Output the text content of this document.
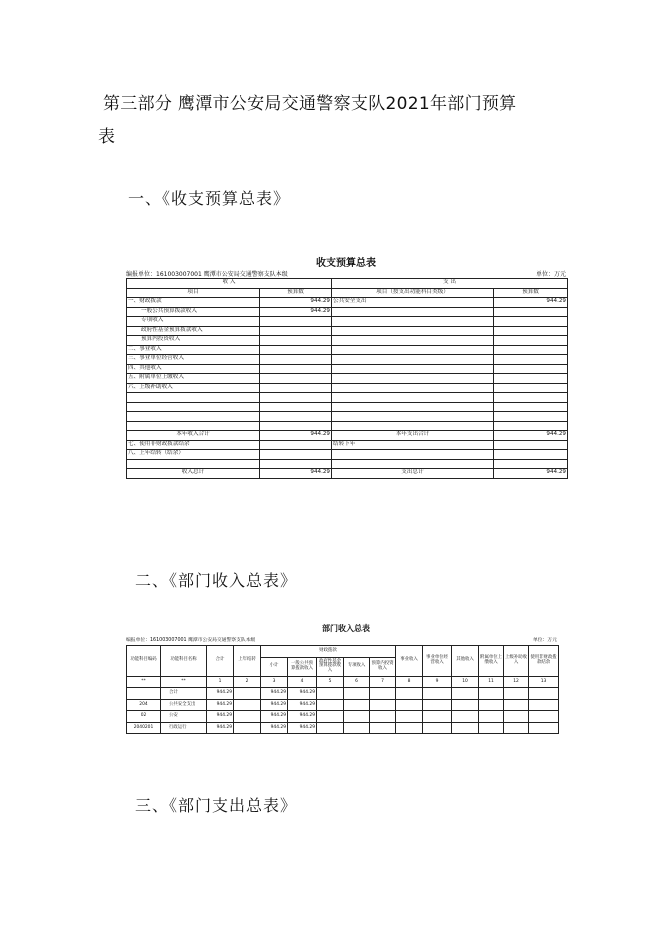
第三部分 鹰潭市公安局交通警察支队2021年部门预算
表
一、《收支预算总表》
收支预算总表
编报单位：161003007001 鹰潭市公安局交通警察支队本级	单位：万元
收 入		支 出	
项目	预算数	项目（按支出功能科目类级）	预算数
一、财政拨款	944.29	公共安全支出	944.29
一般公共预算拨款收入	944.29		
专项收入			
政府性基金预算拨款收入			
预算内投资收入			
二、事业收入			
三、事业单位经营收入			
四、其他收入			
五、附属单位上缴收入			
六、上级补助收入			

本年收入合计	944.29	本年支出合计	944.29
七、使用非财政拨款结余		结转下年	
八、上年结转（结余）			

收入总计	944.29	支出总计	944.29
二、《部门收入总表》
部门收入总表
编报单位：161003007001 鹰潭市公安局交通警察支队本级	单位：万元
功能科目编码	功能科目名称	合计	上年结转	财政拨款					事业收入	事业单位经营收入	其他收入	附属单位上缴收入	上级补助收入	使用非财政拨款结余
				小计	一般公共预算拨款收入	政府性基金预算拨款收入	专项收入	预算内投资收入						
**	**	1	2	3	4	5	6	7	8	9	10	11	12	13
	合计	944.29		944.29	944.29									
204	公共安全支出	944.29		944.29	944.29									
02	公安	944.29		944.29	944.29									
2040201	行政运行	944.29		944.29	944.29									
三、《部门支出总表》
